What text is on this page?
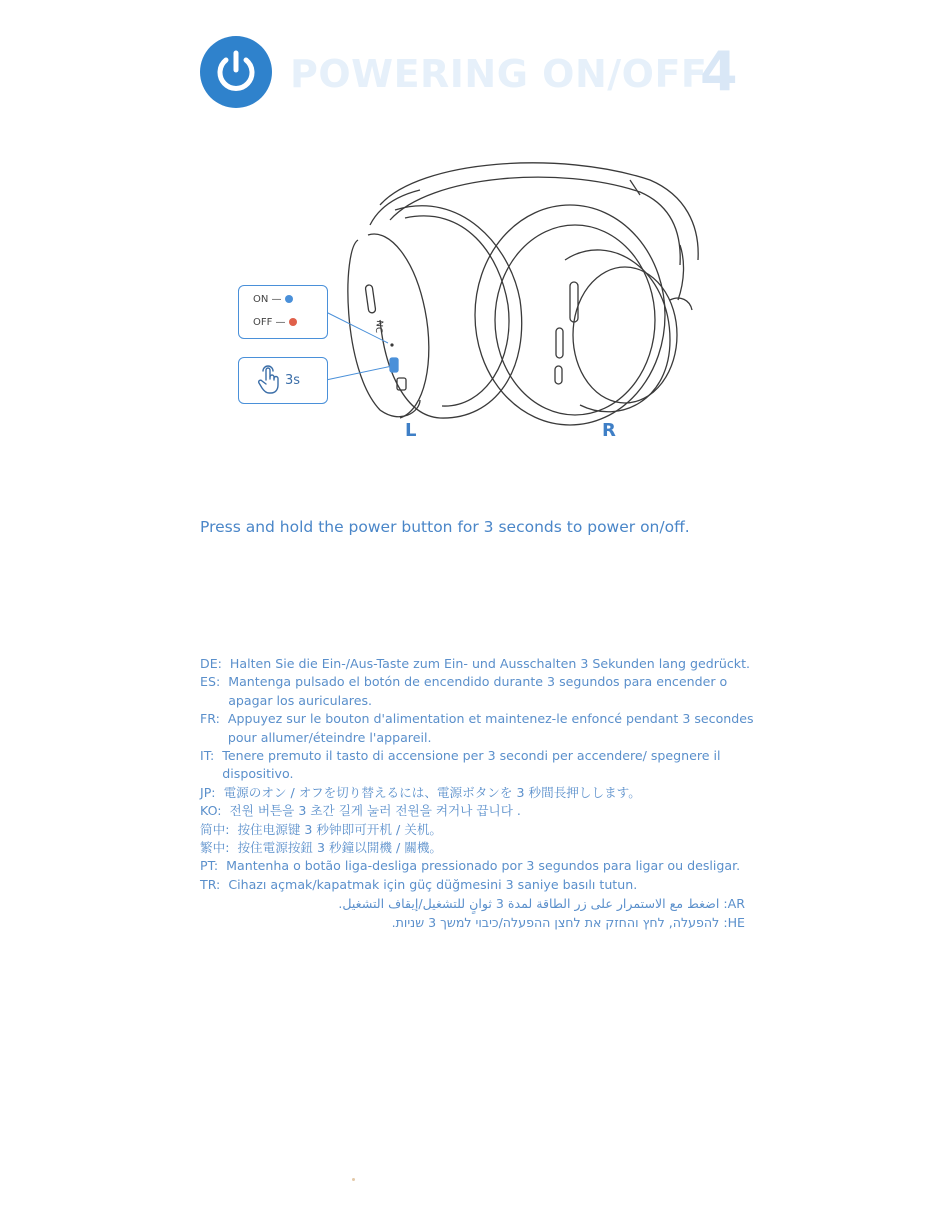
POWERING ON/OFF
4
NC
ON —
OFF —
3s
L	R
Press and hold the power button for 3 seconds to power on/off.
DE: Halten Sie die Ein-/Aus-Taste zum Ein- und Ausschalten 3 Sekunden lang gedrückt.
ES: Mantenga pulsado el botón de encendido durante 3 segundos para encender o apagar los auriculares.
FR: Appuyez sur le bouton d'alimentation et maintenez-le enfoncé pendant 3 secondes pour allumer/éteindre l'appareil.
IT: Tenere premuto il tasto di accensione per 3 secondi per accendere/ spegnere il dispositivo.
JP: 電源のオン / オフを切り替えるには、電源ボタンを 3 秒間長押しします。
KO: 전원 버튼을 3 초간 길게 눌러 전원을 켜거나 끕니다 .
简中: 按住电源键 3 秒钟即可开机 / 关机。
繁中: 按住電源按鈕 3 秒鐘以開機 / 關機。
PT: Mantenha o botão liga-desliga pressionado por 3 segundos para ligar ou desligar.
TR: Cihazı açmak/kapatmak için güç düğmesini 3 saniye basılı tutun.
AR: اضغط مع الاستمرار على زر الطاقة لمدة 3 ثوانٍ للتشغيل/إيقاف التشغيل.
HE: להפעלה, לחץ והחזק את לחצן ההפעלה/כיבוי למשך 3 שניות.
